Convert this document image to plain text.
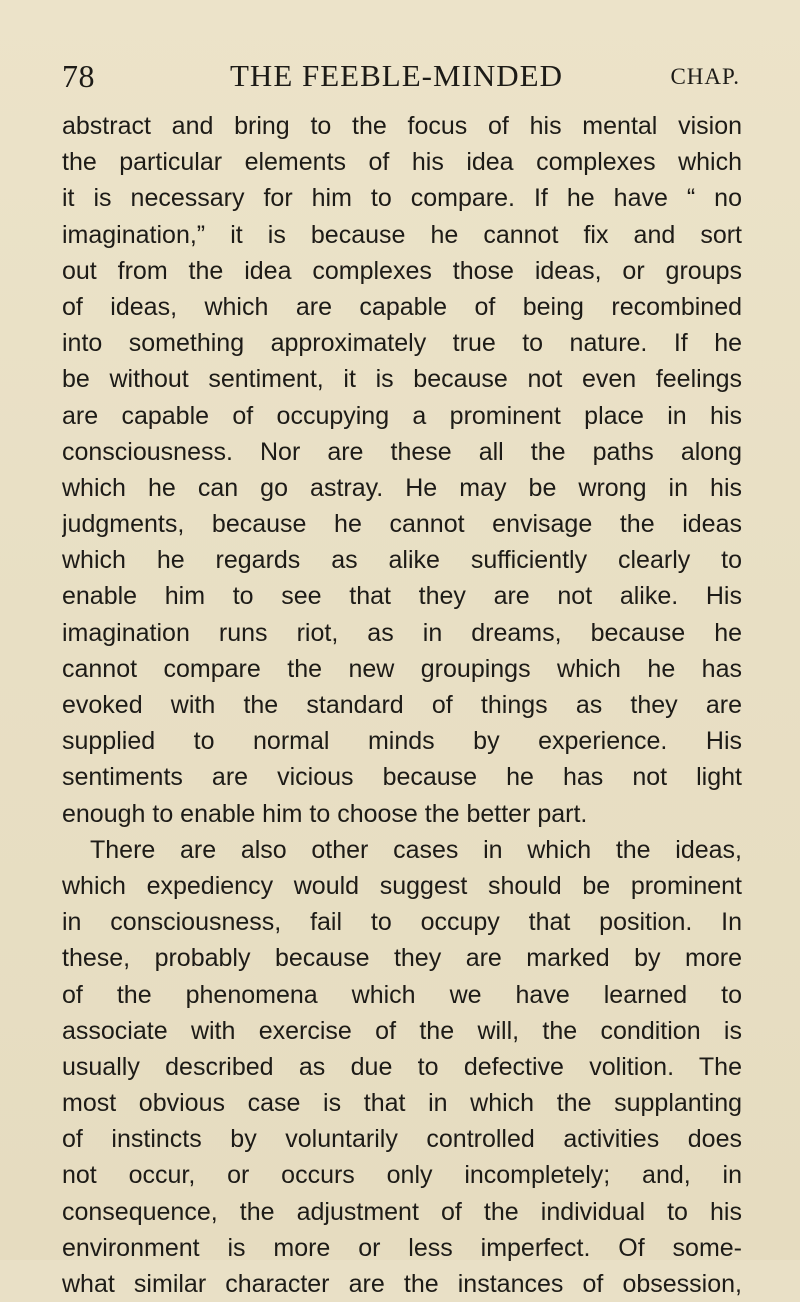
78	THE FEEBLE-MINDED	CHAP.
abstract and bring to the focus of his mental vision
the particular elements of his idea complexes which
it is necessary for him to compare. If he have “ no
imagination,” it is because he cannot fix and sort
out from the idea complexes those ideas, or groups
of ideas, which are capable of being recombined
into something approximately true to nature. If he
be without sentiment, it is because not even feelings
are capable of occupying a prominent place in his
consciousness. Nor are these all the paths along
which he can go astray. He may be wrong in his
judgments, because he cannot envisage the ideas
which he regards as alike sufficiently clearly to
enable him to see that they are not alike. His
imagination runs riot, as in dreams, because he
cannot compare the new groupings which he has
evoked with the standard of things as they are
supplied to normal minds by experience. His
sentiments are vicious because he has not light
enough to enable him to choose the better part.
There are also other cases in which the ideas,
which expediency would suggest should be prominent
in consciousness, fail to occupy that position. In
these, probably because they are marked by more
of the phenomena which we have learned to
associate with exercise of the will, the condition is
usually described as due to defective volition. The
most obvious case is that in which the supplanting
of instincts by voluntarily controlled activities does
not occur, or occurs only incompletely; and, in
consequence, the adjustment of the individual to his
environment is more or less imperfect. Of some-
what similar character are the instances of obsession,
